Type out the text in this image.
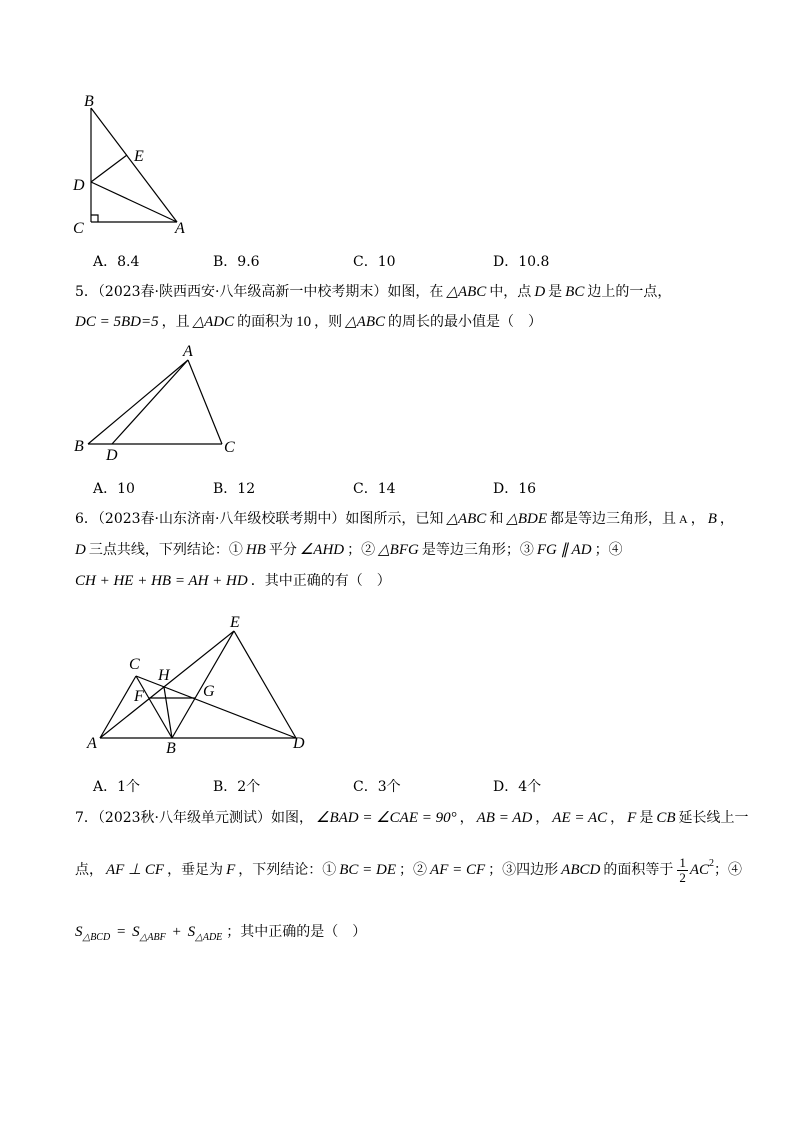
B
E
D
C	A
A．8.4	B．9.6	C．10	D．10.8
5．（2023春·陕西西安·八年级高新一中校考期末）如图，在 △ABC 中，点 D 是 BC 边上的一点，
DC = 5BD=5 ，且 △ADC 的面积为 10 ，则 △ABC 的周长的最小值是（　）
A
B
D	C
A．10	B．12	C．14	D．16
6．（2023春·山东济南·八年级校联考期中）如图所示，已知 △ABC 和 △BDE 都是等边三角形，且 A ， B ，
D 三点共线，下列结论：① HB 平分 ∠AHD ；② △BFG 是等边三角形；③ FG ∥ AD ；④
CH + HE + HB = AH + HD ．其中正确的有（　）
E
C
H
F	G
A	B	D
A．1个	B．2个	C．3个	D．4个
7．（2023秋·八年级单元测试）如图， ∠BAD = ∠CAE = 90° ， AB = AD ， AE = AC ， F 是 CB 延长线上一
点， AF ⊥ CF ，垂足为 F ，下列结论：① BC = DE ；② AF = CF ；③四边形 ABCD 的面积等于 $\frac{1}{2} AC^2$；④
$S_{\triangle BCD} = S_{\triangle ABF} + S_{\triangle ADE}$ ；其中正确的是（　）
